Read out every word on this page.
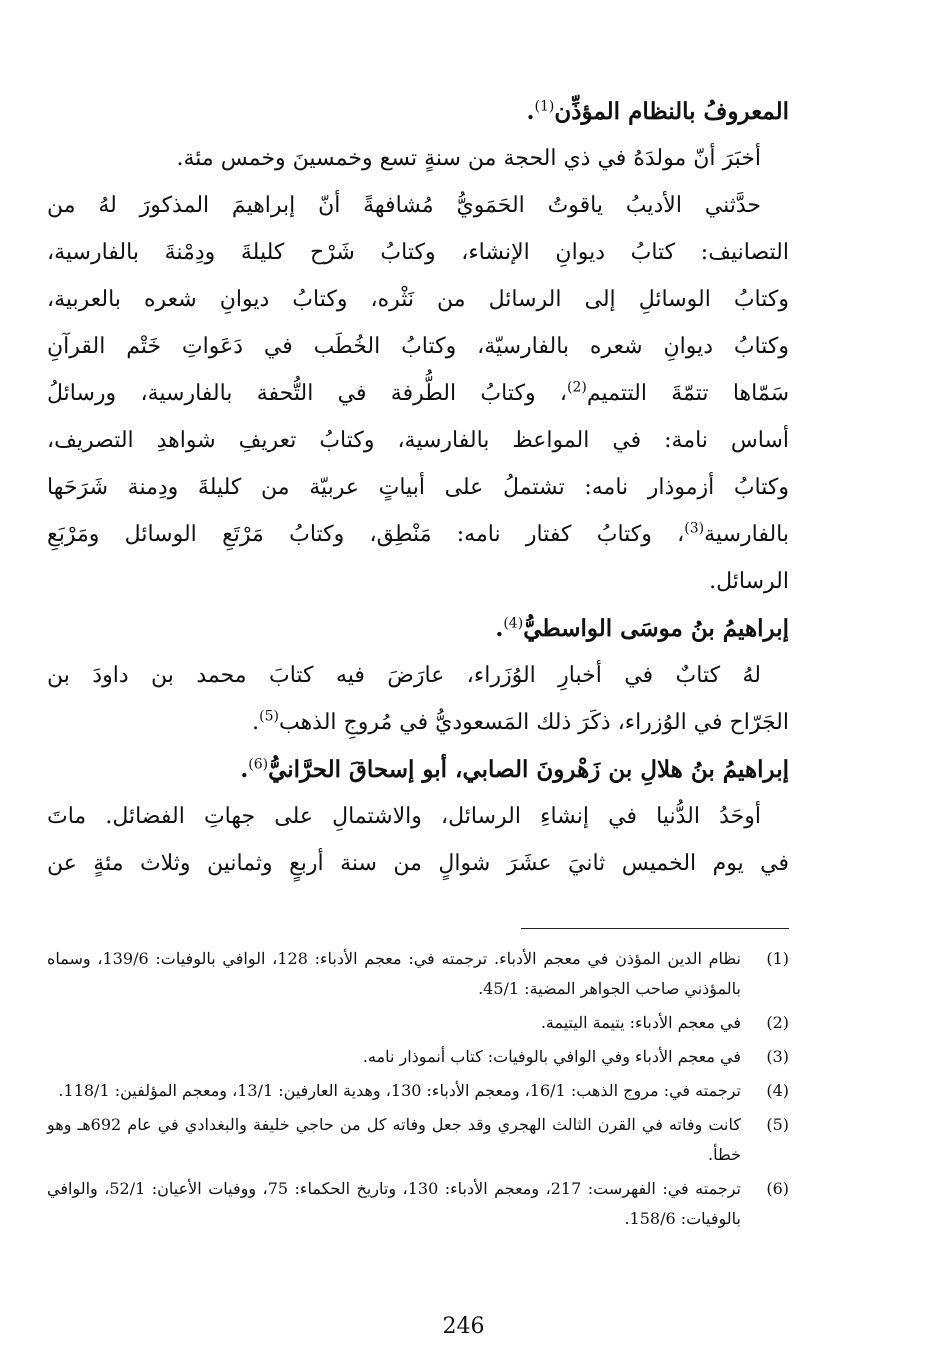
المعروفُ بالنظام المؤذِّن$^{(1)}$.
أخبَرَ أنّ مولدَهُ في ذي الحجة من سنةٍ تسع وخمسينَ وخمس مئة.
حدَّثني الأديبُ ياقوتُ الحَمَويُّ مُشافهةً أنّ إبراهيمَ المذكورَ لهُ من
التصانيف: كتابُ ديوانِ الإنشاء، وكتابُ شَرْح كليلةَ ودِمْنةَ بالفارسية،
وكتابُ الوسائلِ إلى الرسائل من نَثْره، وكتابُ ديوانِ شعره بالعربية،
وكتابُ ديوانِ شعره بالفارسيّة، وكتابُ الخُطَب في دَعَواتِ خَتْم القرآنِ
سَمّاها تتمّةَ التتميم$^{(2)}$، وكتابُ الطُّرفة في التُّحفة بالفارسية، ورسائلُ
أساس نامة: في المواعظ بالفارسية، وكتابُ تعريفِ شواهدِ التصريف،
وكتابُ أزموذار نامه: تشتملُ على أبياتٍ عربيّة من كليلةَ ودِمنة شَرَحَها
بالفارسية$^{(3)}$، وكتابُ كفتار نامه: مَنْطِق، وكتابُ مَرْتَعِ الوسائل ومَرْبَعِ
الرسائل.
إبراهيمُ بنُ موسَى الواسطيُّ$^{(4)}$.
لهُ كتابٌ في أخبارِ الوُزَراء، عارَضَ فيه كتابَ محمد بن داودَ بن
الجَرّاح في الوُزراء، ذكَرَ ذلك المَسعوديُّ في مُروجِ الذهب$^{(5)}$.
إبراهيمُ بنُ هلالِ بن زَهْرونَ الصابي، أبو إسحاقَ الحرَّانيُّ$^{(6)}$.
أوحَدُ الدُّنيا في إنشاءِ الرسائل، والاشتمالِ على جهاتِ الفضائل. ماتَ
في يوم الخميس ثانيَ عشَرَ شوالٍ من سنة أربعٍ وثمانين وثلاث مئةٍ عن
(1)
نظام الدين المؤذن في معجم الأدباء. ترجمته في: معجم الأدباء: 128، الوافي بالوفيات: 139/6، وسماه بالمؤذني صاحب الجواهر المضية: 45/1.
(2)
في معجم الأدباء: يتيمة اليتيمة.
(3)
في معجم الأدباء وفي الوافي بالوفيات: كتاب أنموذار نامه.
(4)
ترجمته في: مروج الذهب: 16/1، ومعجم الأدباء: 130، وهدية العارفين: 13/1، ومعجم المؤلفين: 118/1.
(5)
كانت وفاته في القرن الثالث الهجري وقد جعل وفاته كل من حاجي خليفة والبغدادي في عام 692هـ وهو خطأ.
(6)
ترجمته في: الفهرست: 217، ومعجم الأدباء: 130، وتاريخ الحكماء: 75، ووفيات الأعيان: 52/1، والوافي بالوفيات: 158/6.
246
